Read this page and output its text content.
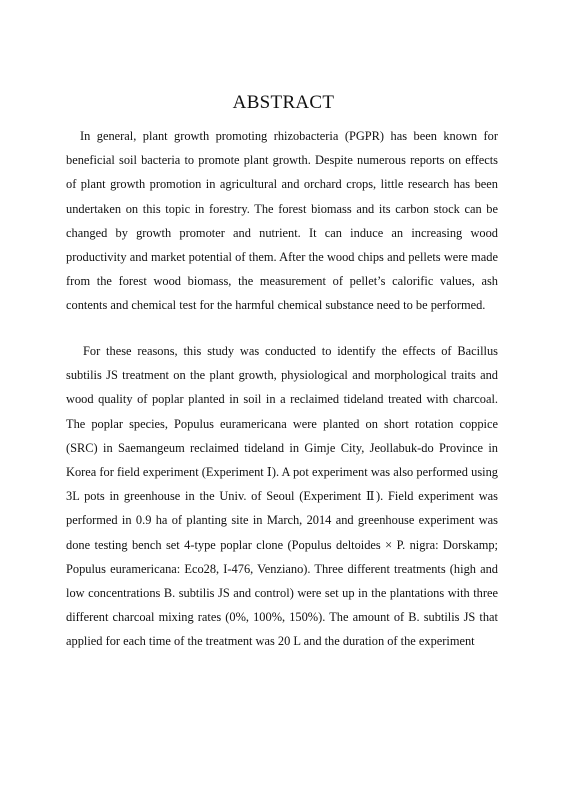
ABSTRACT

In general, plant growth promoting rhizobacteria (PGPR) has been known for beneficial soil bacteria to promote plant growth. Despite numerous reports on effects of plant growth promotion in agricultural and orchard crops, little research has been undertaken on this topic in forestry. The forest biomass and its carbon stock can be changed by growth promoter and nutrient. It can induce an increasing wood productivity and market potential of them. After the wood chips and pellets were made from the forest wood biomass, the measurement of pellet’s calorific values, ash contents and chemical test for the harmful chemical substance need to be performed.

For these reasons, this study was conducted to identify the effects of Bacillus subtilis JS treatment on the plant growth, physiological and morphological traits and wood quality of poplar planted in soil in a reclaimed tideland treated with charcoal. The poplar species, Populus euramericana were planted on short rotation coppice (SRC) in Saemangeum reclaimed tideland in Gimje City, Jeollabuk-do Province in Korea for field experiment (Experiment Ⅰ). A pot experiment was also performed using 3L pots in greenhouse in the Univ. of Seoul (Experiment Ⅱ). Field experiment was performed in 0.9 ha of planting site in March, 2014 and greenhouse experiment was done testing bench set 4-type poplar clone (Populus deltoides × P. nigra: Dorskamp; Populus euramericana: Eco28, I-476, Venziano). Three different treatments (high and low concentrations B. subtilis JS and control) were set up in the plantations with three different charcoal mixing rates (0%, 100%, 150%). The amount of B. subtilis JS that applied for each time of the treatment was 20 L and the duration of the experiment
